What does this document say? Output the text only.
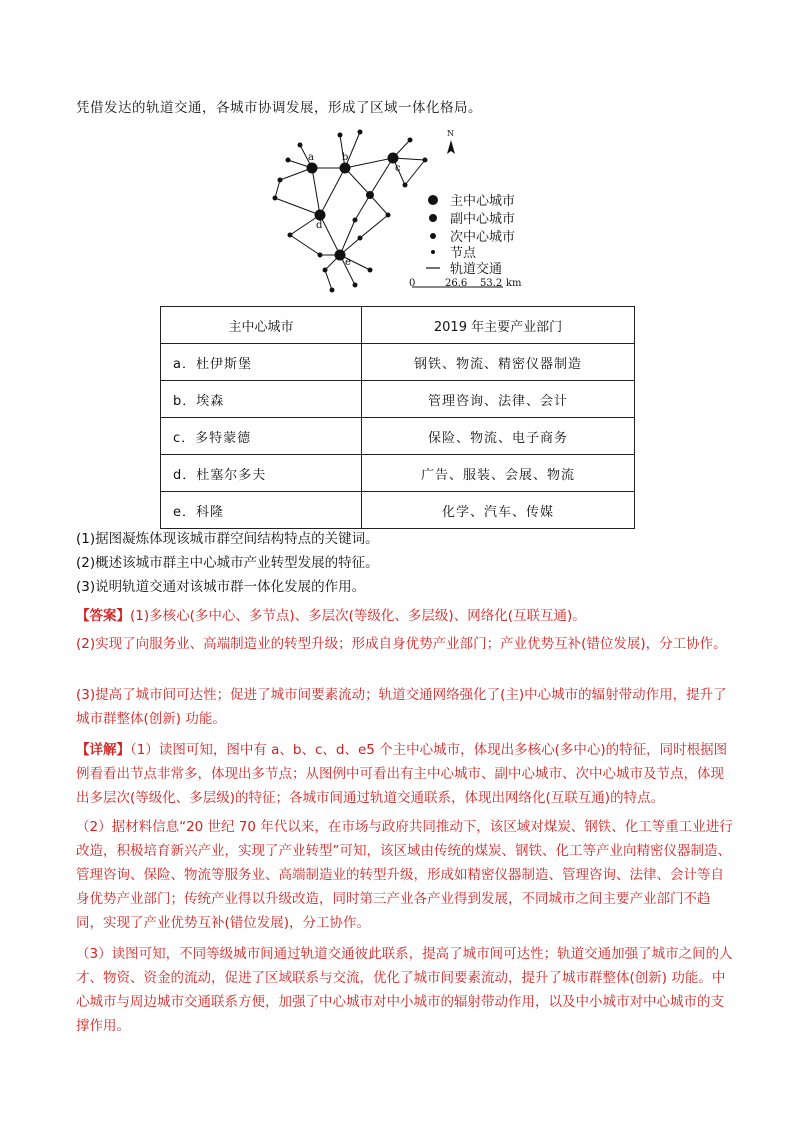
凭借发达的轨道交通，各城市协调发展，形成了区域一体化格局。
a	b
c
d
e
N
主中心城市
副中心城市
次中心城市
节点
轨道交通
0	26.6 53.2 km
主中心城市	2019 年主要产业部门
a．杜伊斯堡	钢铁、物流、精密仪器制造
b．埃森	管理咨询、法律、会计
c．多特蒙德	保险、物流、电子商务
d．杜塞尔多夫	广告、服装、会展、物流
e．科隆	化学、汽车、传媒
(1)据图凝炼体现该城市群空间结构特点的关键词。
(2)概述该城市群主中心城市产业转型发展的特征。
(3)说明轨道交通对该城市群一体化发展的作用。
【答案】(1)多核心(多中心、多节点)、多层次(等级化、多层级)、网络化(互联互通)。
(2)实现了向服务业、高端制造业的转型升级；形成自身优势产业部门；产业优势互补(错位发展)，分工协作。
(3)提高了城市间可达性；促进了城市间要素流动；轨道交通网络强化了(主)中心城市的辐射带动作用，提升了城市群整体(创新) 功能。
【详解】（1）读图可知，图中有 a、b、c、d、e5 个主中心城市，体现出多核心(多中心)的特征，同时根据图例看看出节点非常多，体现出多节点；从图例中可看出有主中心城市、副中心城市、次中心城市及节点，体现出多层次(等级化、多层级)的特征；各城市间通过轨道交通联系，体现出网络化(互联互通)的特点。
（2）据材料信息“20 世纪 70 年代以来，在市场与政府共同推动下，该区域对煤炭、钢铁、化工等重工业进行改造，积极培育新兴产业，实现了产业转型”可知，该区域由传统的煤炭、钢铁、化工等产业向精密仪器制造、管理咨询、保险、物流等服务业、高端制造业的转型升级，形成如精密仪器制造、管理咨询、法律、会计等自身优势产业部门；传统产业得以升级改造，同时第三产业各产业得到发展，不同城市之间主要产业部门不趋同，实现了产业优势互补(错位发展)，分工协作。
（3）读图可知，不同等级城市间通过轨道交通彼此联系，提高了城市间可达性；轨道交通加强了城市之间的人才、物资、资金的流动，促进了区域联系与交流，优化了城市间要素流动，提升了城市群整体(创新) 功能。中心城市与周边城市交通联系方便，加强了中心城市对中小城市的辐射带动作用，以及中小城市对中心城市的支撑作用。
